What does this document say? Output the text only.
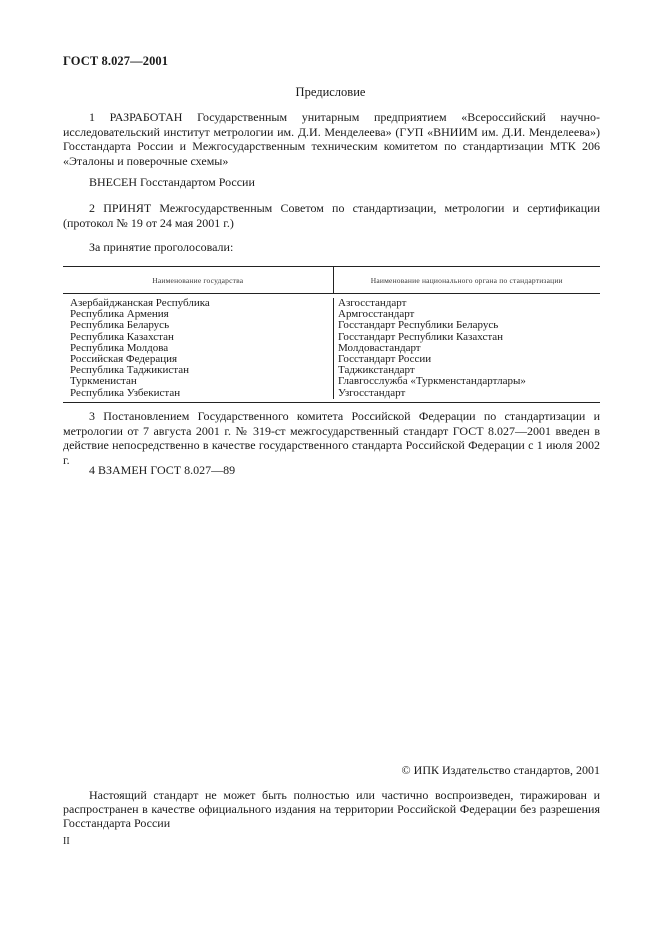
ГОСТ 8.027—2001
Предисловие
1 РАЗРАБОТАН Государственным унитарным предприятием «Всероссийский научно-исследовательский институт метрологии им. Д.И. Менделеева» (ГУП «ВНИИМ им. Д.И. Менделеева») Госстандарта России и Межгосударственным техническим комитетом по стандартизации МТК 206 «Эталоны и поверочные схемы»
ВНЕСЕН Госстандартом России
2 ПРИНЯТ Межгосударственным Советом по стандартизации, метрологии и сертификации (протокол № 19 от 24 мая 2001 г.)
За принятие проголосовали:
Наименование государства	Наименование национального органа по стандартизации
Азербайджанская Республика
Республика Армения
Республика Беларусь
Республика Казахстан
Республика Молдова
Российская Федерация
Республика Таджикистан
Туркменистан
Республика Узбекистан
Азгосстандарт
Армгосстандарт
Госстандарт Республики Беларусь
Госстандарт Республики Казахстан
Молдовастандарт
Госстандарт России
Таджикстандарт
Главгосслужба «Туркменстандартлары»
Узгосстандарт
3 Постановлением Государственного комитета Российской Федерации по стандартизации и метрологии от 7 августа 2001 г. № 319-ст межгосударственный стандарт ГОСТ 8.027—2001 введен в действие непосредственно в качестве государственного стандарта Российской Федерации с 1 июля 2002 г.
4 ВЗАМЕН ГОСТ 8.027—89
© ИПК Издательство стандартов, 2001
Настоящий стандарт не может быть полностью или частично воспроизведен, тиражирован и распространен в качестве официального издания на территории Российской Федерации без разрешения Госстандарта России
II
